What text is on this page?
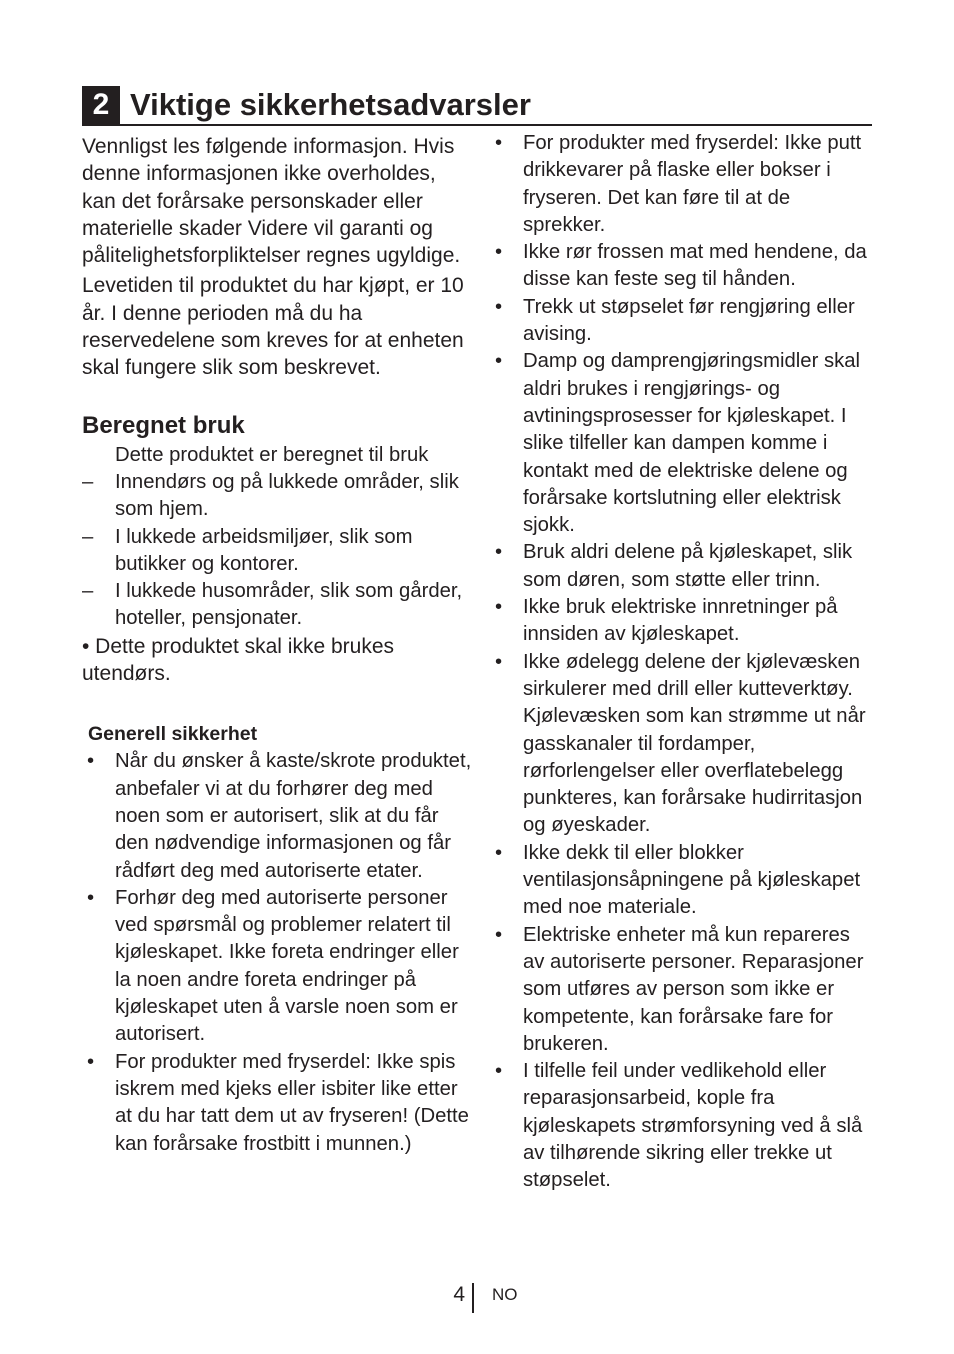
2 Viktige sikkerhetsadvarsler

Vennligst les følgende informasjon. Hvis denne informasjonen ikke overholdes, kan det forårsake personskader eller materielle skader Videre vil garanti og pålitelighetsforpliktelser regnes ugyldige.

Levetiden til produktet du har kjøpt, er 10 år. I denne perioden må du ha reservedelene som kreves for at enheten skal fungere slik som beskrevet.

Beregnet bruk

Dette produktet er beregnet til bruk

– Innendørs og på lukkede områder, slik som hjem.
– I lukkede arbeidsmiljøer, slik som butikker og kontorer.
– I lukkede husområder, slik som gårder, hoteller, pensjonater.

• Dette produktet skal ikke brukes utendørs.

Generell sikkerhet

• Når du ønsker å kaste/skrote produktet, anbefaler vi at du forhører deg med noen som er autorisert, slik at du får den nødvendige informasjonen og får rådført deg med autoriserte etater.
• Forhør deg med autoriserte personer ved spørsmål og problemer relatert til kjøleskapet. Ikke foreta endringer eller la noen andre foreta endringer på kjøleskapet uten å varsle noen som er autorisert.
• For produkter med fryserdel: Ikke spis iskrem med kjeks eller isbiter like etter at du har tatt dem ut av fryseren! (Dette kan forårsake frostbitt i munnen.)
• For produkter med fryserdel: Ikke putt drikkevarer på flaske eller bokser i fryseren. Det kan føre til at de sprekker.
• Ikke rør frossen mat med hendene, da disse kan feste seg til hånden.
• Trekk ut støpselet før rengjøring eller avising.
• Damp og damprengjøringsmidler skal aldri brukes i rengjørings- og avtiningsprosesser for kjøleskapet. I slike tilfeller kan dampen komme i kontakt med de elektriske delene og forårsake kortslutning eller elektrisk sjokk.
• Bruk aldri delene på kjøleskapet, slik som døren, som støtte eller trinn.
• Ikke bruk elektriske innretninger på innsiden av kjøleskapet.
• Ikke ødelegg delene der kjølevæsken sirkulerer med drill eller kutteverktøy. Kjølevæsken som kan strømme ut når gasskanaler til fordamper, rørforlengelser eller overflatebelegg punkteres, kan forårsake hudirritasjon og øyeskader.
• Ikke dekk til eller blokker ventilasjonsåpningene på kjøleskapet med noe materiale.
• Elektriske enheter må kun repareres av autoriserte personer. Reparasjoner som utføres av person som ikke er kompetente, kan forårsake fare for brukeren.
• I tilfelle feil under vedlikehold eller reparasjonsarbeid, kople fra kjøleskapets strømforsyning ved å slå av tilhørende sikring eller trekke ut støpselet.
4 NO
